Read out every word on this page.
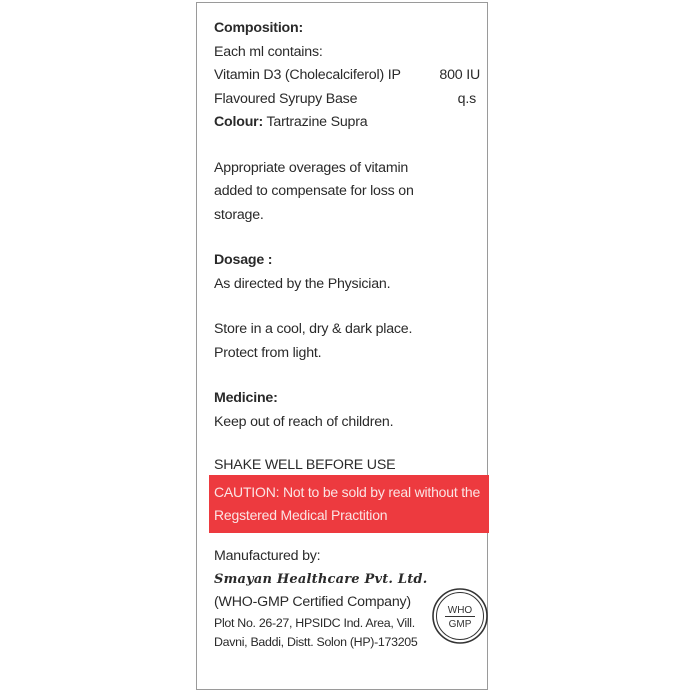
Composition:
Each ml contains:
Vitamin D3 (Cholecalciferol) IP	800 IU
Flavoured Syrupy Base	q.s
Colour: Tartrazine Supra
Appropriate overages of vitamin
added to compensate for loss on
storage.
Dosage :
As directed by the Physician.
Store in a cool, dry & dark place.
Protect from light.
Medicine:
Keep out of reach of children.
SHAKE WELL BEFORE USE
CAUTION: Not to be sold by real without the
Regstered Medical Practition
Manufactured by:
Smayan Healthcare Pvt. Ltd.
(WHO-GMP Certified Company)
Plot No. 26-27, HPSIDC Ind. Area, Vill.
Davni, Baddi, Distt. Solon (HP)-173205
WHO
GMP
